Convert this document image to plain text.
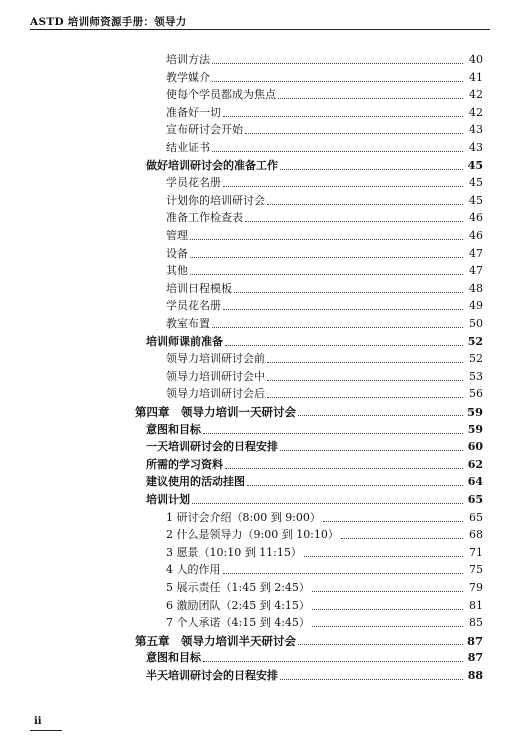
ASTD 培训师资源手册：领导力
培训方法	40
教学媒介	41
使每个学员都成为焦点	42
准备好一切	42
宣布研讨会开始	43
结业证书	43
做好培训研讨会的准备工作	45
学员花名册	45
计划你的培训研讨会	45
准备工作检查表	46
管理	46
设备	47
其他	47
培训日程模板	48
学员花名册	49
教室布置	50
培训师课前准备	52
领导力培训研讨会前	52
领导力培训研讨会中	53
领导力培训研讨会后	56
第四章　领导力培训一天研讨会	59
意图和目标	59
一天培训研讨会的日程安排	60
所需的学习资料	62
建议使用的活动挂图	64
培训计划	65
1 研讨会介绍（8:00 到 9:00）	65
2 什么是领导力（9:00 到 10:10）	68
3 愿景（10:10 到 11:15）	71
4 人的作用	75
5 展示责任（1:45 到 2:45）	79
6 激励团队（2:45 到 4:15）	81
7 个人承诺（4:15 到 4:45）	85
第五章　领导力培训半天研讨会	87
意图和目标	87
半天培训研讨会的日程安排	88
ii
